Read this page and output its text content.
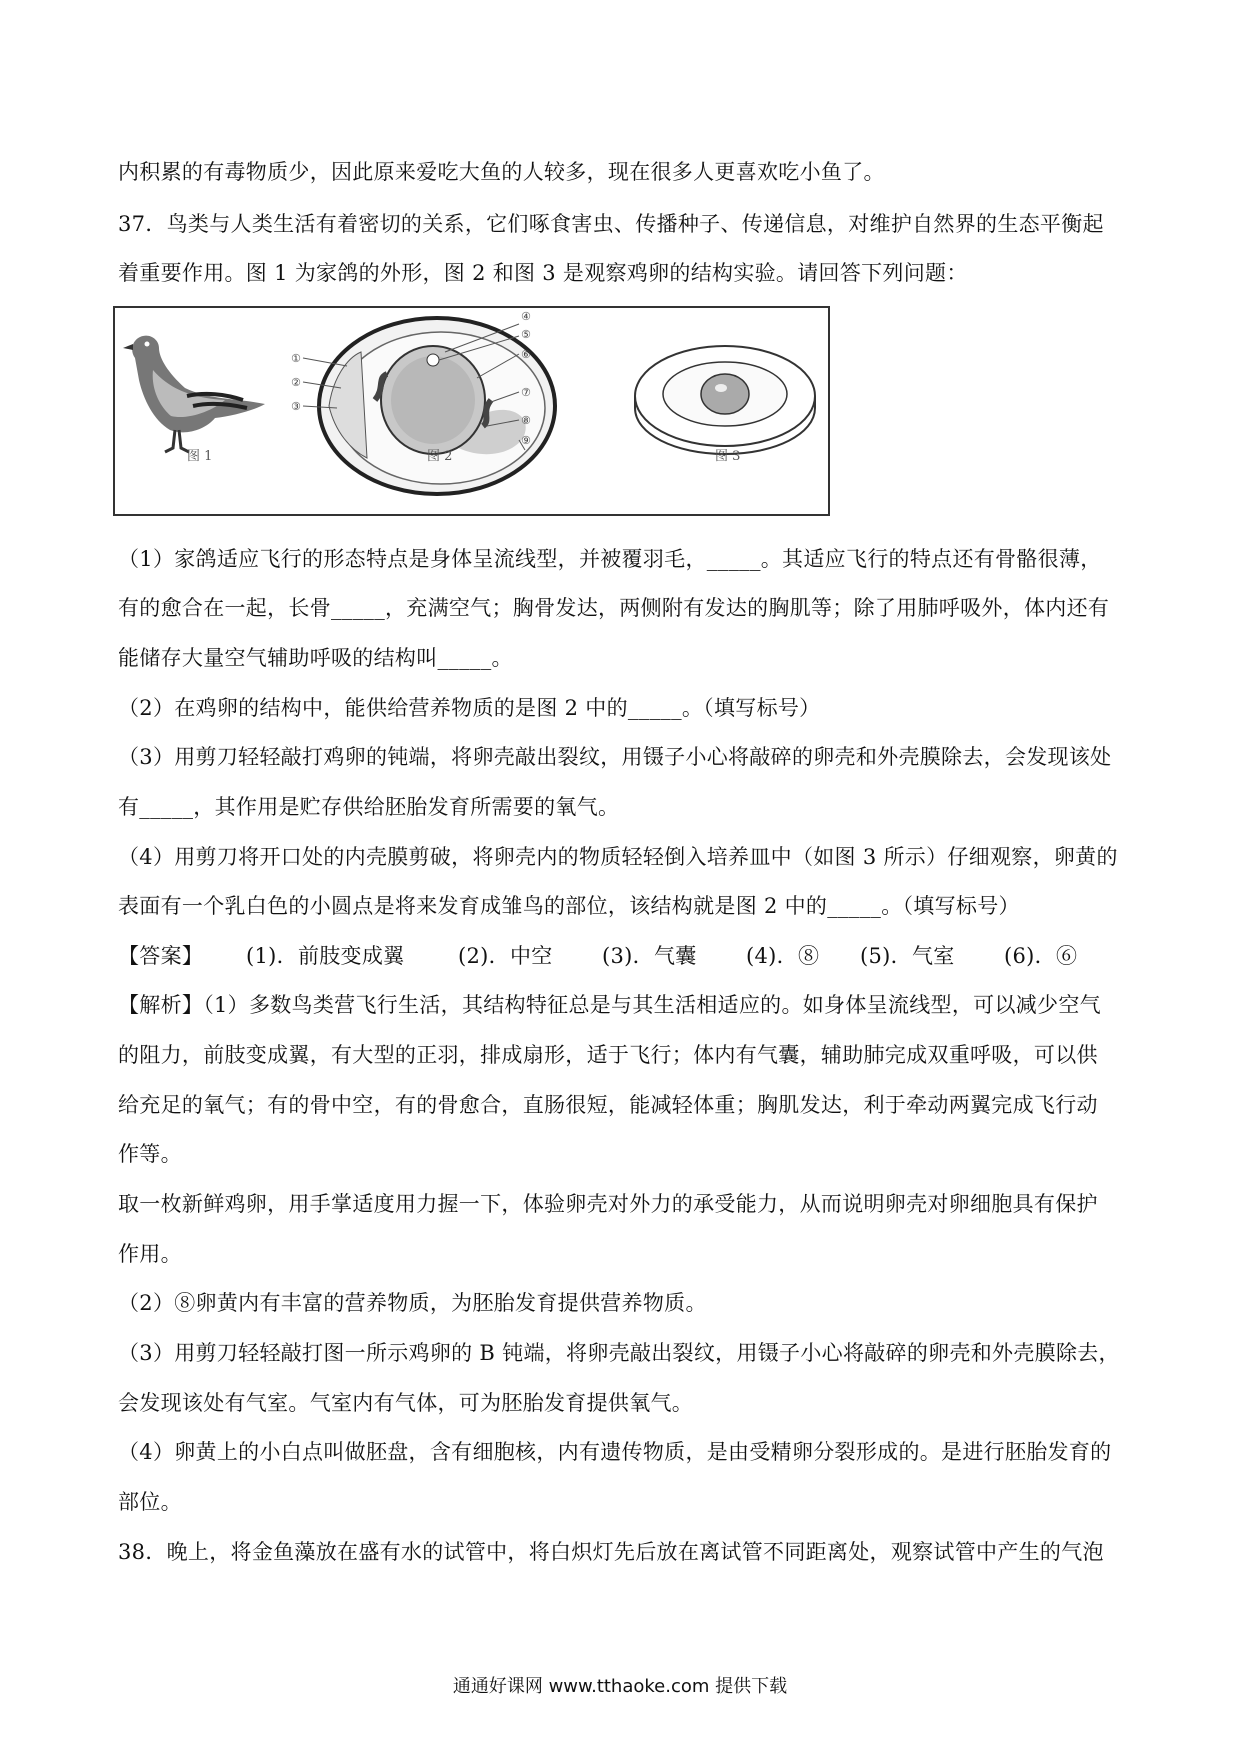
内积累的有毒物质少，因此原来爱吃大鱼的人较多，现在很多人更喜欢吃小鱼了。
37．鸟类与人类生活有着密切的关系，它们啄食害虫、传播种子、传递信息，对维护自然界的生态平衡起
着重要作用。图 1 为家鸽的外形，图 2 和图 3 是观察鸡卵的结构实验。请回答下列问题：
图 1
①
②
③
④
⑤
⑥
⑦
⑧
⑨
图 2	图 3
（1）家鸽适应飞行的形态特点是身体呈流线型，并被覆羽毛，_____。其适应飞行的特点还有骨骼很薄，
有的愈合在一起，长骨_____，充满空气；胸骨发达，两侧附有发达的胸肌等；除了用肺呼吸外，体内还有
能储存大量空气辅助呼吸的结构叫_____。
（2）在鸡卵的结构中，能供给营养物质的是图 2 中的_____。（填写标号）
（3）用剪刀轻轻敲打鸡卵的钝端，将卵壳敲出裂纹，用镊子小心将敲碎的卵壳和外壳膜除去，会发现该处
有_____，其作用是贮存供给胚胎发育所需要的氧气。
（4）用剪刀将开口处的内壳膜剪破，将卵壳内的物质轻轻倒入培养皿中（如图 3 所示）仔细观察，卵黄的
表面有一个乳白色的小圆点是将来发育成雏鸟的部位，该结构就是图 2 中的_____。（填写标号）
【答案】 (1)．前肢变成翼	(2)．中空 (3)．气囊 (4)．⑧ (5)．气室 (6)．⑥
【解析】（1）多数鸟类营飞行生活，其结构特征总是与其生活相适应的。如身体呈流线型，可以减少空气
的阻力，前肢变成翼，有大型的正羽，排成扇形，适于飞行；体内有气囊，辅助肺完成双重呼吸，可以供
给充足的氧气；有的骨中空，有的骨愈合，直肠很短，能减轻体重；胸肌发达，利于牵动两翼完成飞行动
作等。
取一枚新鲜鸡卵，用手掌适度用力握一下，体验卵壳对外力的承受能力，从而说明卵壳对卵细胞具有保护
作用。
（2）⑧卵黄内有丰富的营养物质，为胚胎发育提供营养物质。
（3）用剪刀轻轻敲打图一所示鸡卵的 B 钝端，将卵壳敲出裂纹，用镊子小心将敲碎的卵壳和外壳膜除去，
会发现该处有气室。气室内有气体，可为胚胎发育提供氧气。
（4）卵黄上的小白点叫做胚盘，含有细胞核，内有遗传物质，是由受精卵分裂形成的。是进行胚胎发育的
部位。
38．晚上，将金鱼藻放在盛有水的试管中，将白炽灯先后放在离试管不同距离处，观察试管中产生的气泡
通通好课网 www.tthaoke.com 提供下载
